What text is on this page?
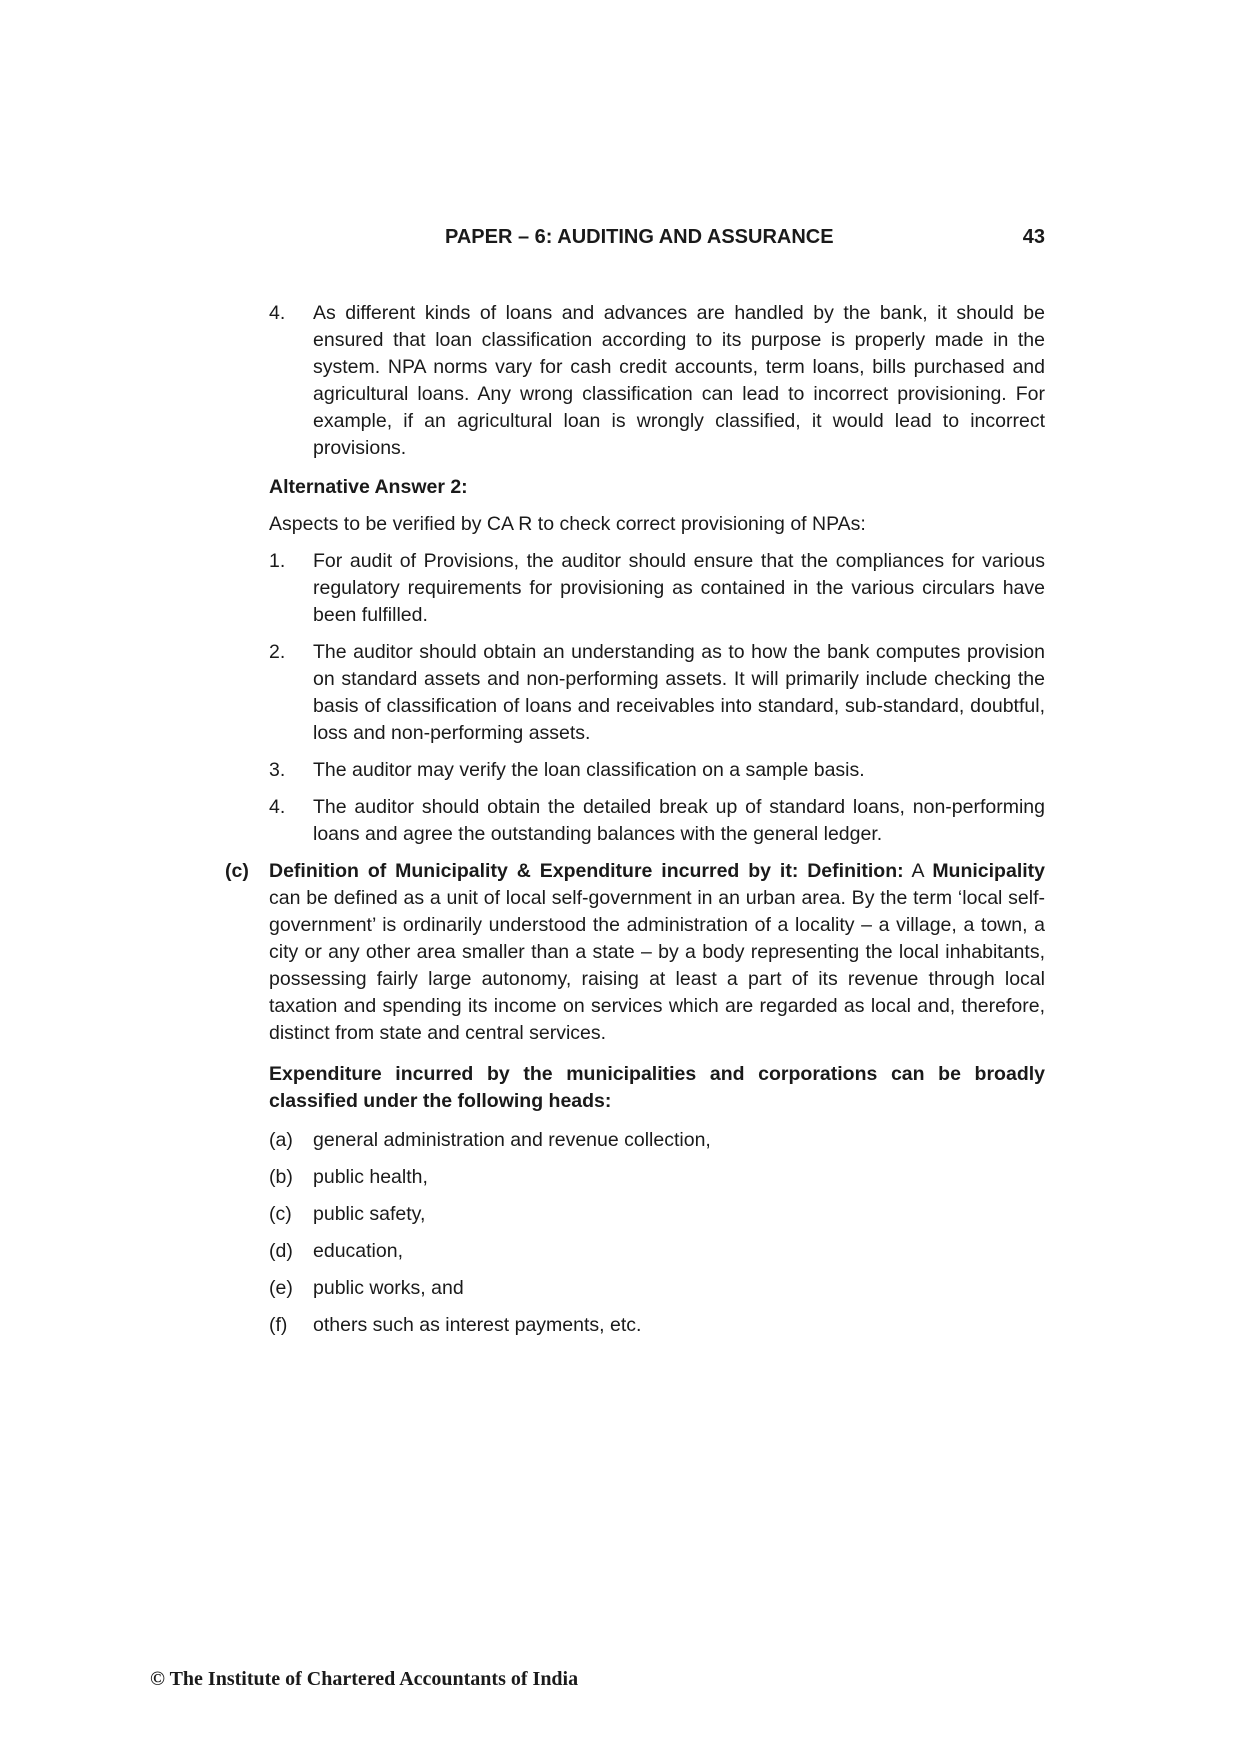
PAPER – 6: AUDITING AND ASSURANCE	43
4. As different kinds of loans and advances are handled by the bank, it should be ensured that loan classification according to its purpose is properly made in the system. NPA norms vary for cash credit accounts, term loans, bills purchased and agricultural loans. Any wrong classification can lead to incorrect provisioning. For example, if an agricultural loan is wrongly classified, it would lead to incorrect provisions.
Alternative Answer 2:
Aspects to be verified by CA R to check correct provisioning of NPAs:
1. For audit of Provisions, the auditor should ensure that the compliances for various regulatory requirements for provisioning as contained in the various circulars have been fulfilled.
2. The auditor should obtain an understanding as to how the bank computes provision on standard assets and non-performing assets. It will primarily include checking the basis of classification of loans and receivables into standard, sub-standard, doubtful, loss and non-performing assets.
3. The auditor may verify the loan classification on a sample basis.
4. The auditor should obtain the detailed break up of standard loans, non-performing loans and agree the outstanding balances with the general ledger.
(c) Definition of Municipality & Expenditure incurred by it: Definition: A Municipality can be defined as a unit of local self-government in an urban area. By the term ‘local self-government’ is ordinarily understood the administration of a locality – a village, a town, a city or any other area smaller than a state – by a body representing the local inhabitants, possessing fairly large autonomy, raising at least a part of its revenue through local taxation and spending its income on services which are regarded as local and, therefore, distinct from state and central services.
Expenditure incurred by the municipalities and corporations can be broadly classified under the following heads:
(a) general administration and revenue collection,
(b) public health,
(c) public safety,
(d) education,
(e) public works, and
(f) others such as interest payments, etc.
© The Institute of Chartered Accountants of India
